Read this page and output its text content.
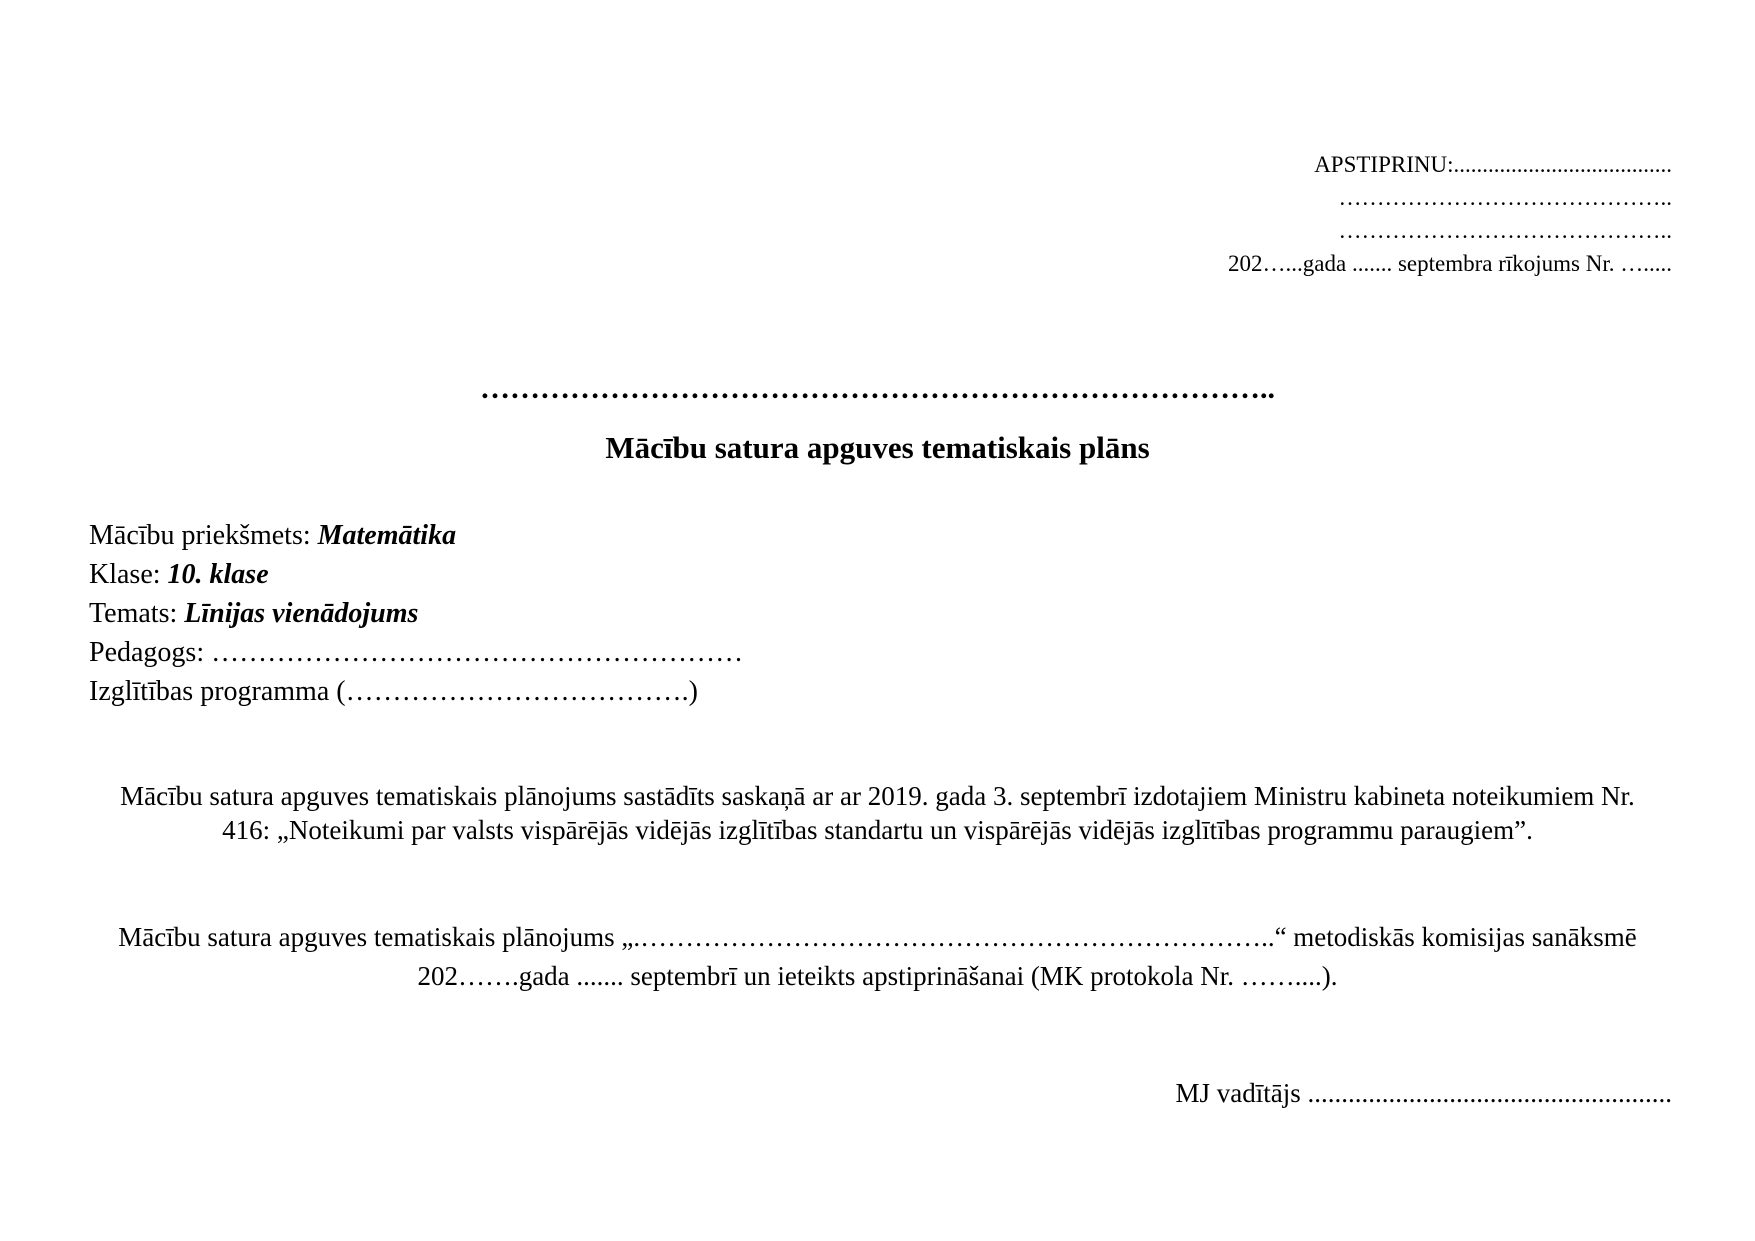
APSTIPRINU:......................................
……………………………………..
……………………………………..
202…...gada ....... septembra rīkojums Nr. ….....
……………………………………………………………………..
Mācību satura apguves tematiskais plāns
Mācību priekšmets: Matemātika
Klase: 10. klase
Temats: Līnijas vienādojums
Pedagogs: …………………………………………………
Izglītības programma (……………………………….)
Mācību satura apguves tematiskais plānojums sastādīts saskaņā ar ar 2019. gada 3. septembrī izdotajiem Ministru kabineta noteikumiem Nr. 416: „Noteikumi par valsts vispārējās vidējās izglītības standartu un vispārējās vidējās izglītības programmu paraugiem”.
Mācību satura apguves tematiskais plānojums „.……………………………………………………………..“ metodiskās komisijas sanāksmē 202…….gada ....... septembrī un ieteikts apstiprināšanai (MK protokola Nr. ……....).
MJ vadītājs ......................................................
